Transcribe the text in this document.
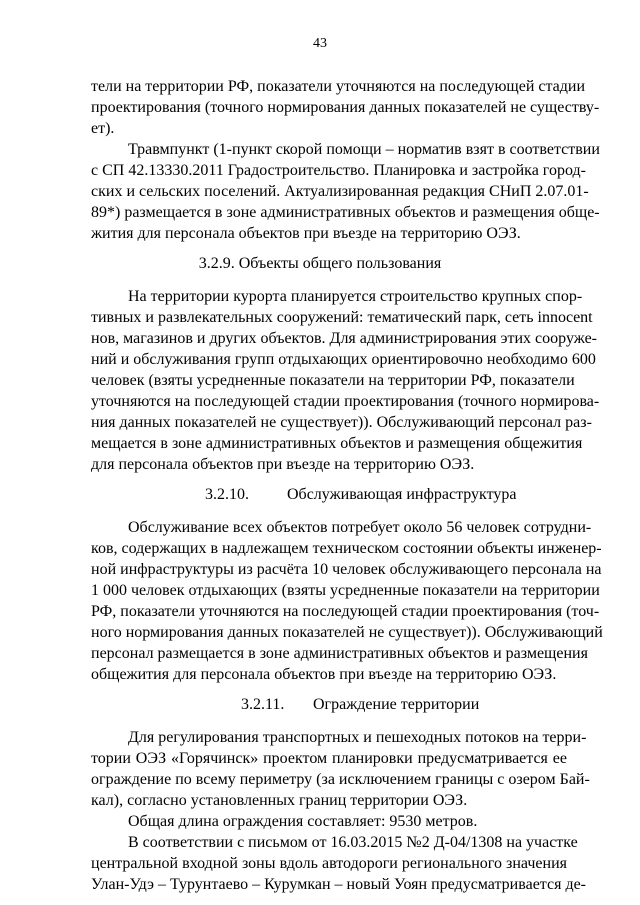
43
тели на территории РФ, показатели уточняются на последующей стадии
проектирования (точного нормирования данных показателей не существу-
ет).
Травмпункт (1-пункт скорой помощи – норматив взят в соответствии
с СП 42.13330.2011 Градостроительство. Планировка и застройка город-
ских и сельских поселений. Актуализированная редакция СНиП 2.07.01-
89*) размещается в зоне административных объектов и размещения обще-
жития для персонала объектов при въезде на территорию ОЭЗ.
3.2.9. Объекты общего пользования
На территории курорта планируется строительство крупных спор-
тивных и развлекательных сооружений: тематический парк, сеть innocent
нов, магазинов и других объектов. Для администрирования этих сооруже-
ний и обслуживания групп отдыхающих ориентировочно необходимо 600
человек (взяты усредненные показатели на территории РФ, показатели
уточняются на последующей стадии проектирования (точного нормирова-
ния данных показателей не существует)). Обслуживающий персонал раз-
мещается в зоне административных объектов и размещения общежития
для персонала объектов при въезде на территорию ОЭЗ.
3.2.10. Обслуживающая инфраструктура
Обслуживание всех объектов потребует около 56 человек сотрудни-
ков, содержащих в надлежащем техническом состоянии объекты инженер-
ной инфраструктуры из расчёта 10 человек обслуживающего персонала на
1 000 человек отдыхающих (взяты усредненные показатели на территории
РФ, показатели уточняются на последующей стадии проектирования (точ-
ного нормирования данных показателей не существует)). Обслуживающий
персонал размещается в зоне административных объектов и размещения
общежития для персонала объектов при въезде на территорию ОЭЗ.
3.2.11. Ограждение территории
Для регулирования транспортных и пешеходных потоков на терри-
тории ОЭЗ «Горячинск» проектом планировки предусматривается ее
ограждение по всему периметру (за исключением границы с озером Бай-
кал), согласно установленных границ территории ОЭЗ.
Общая длина ограждения составляет: 9530 метров.
В соответствии с письмом от 16.03.2015 №2 Д-04/1308 на участке
центральной входной зоны вдоль автодороги регионального значения
Улан-Удэ – Турунтаево – Курумкан – новый Уоян предусматривается де-
